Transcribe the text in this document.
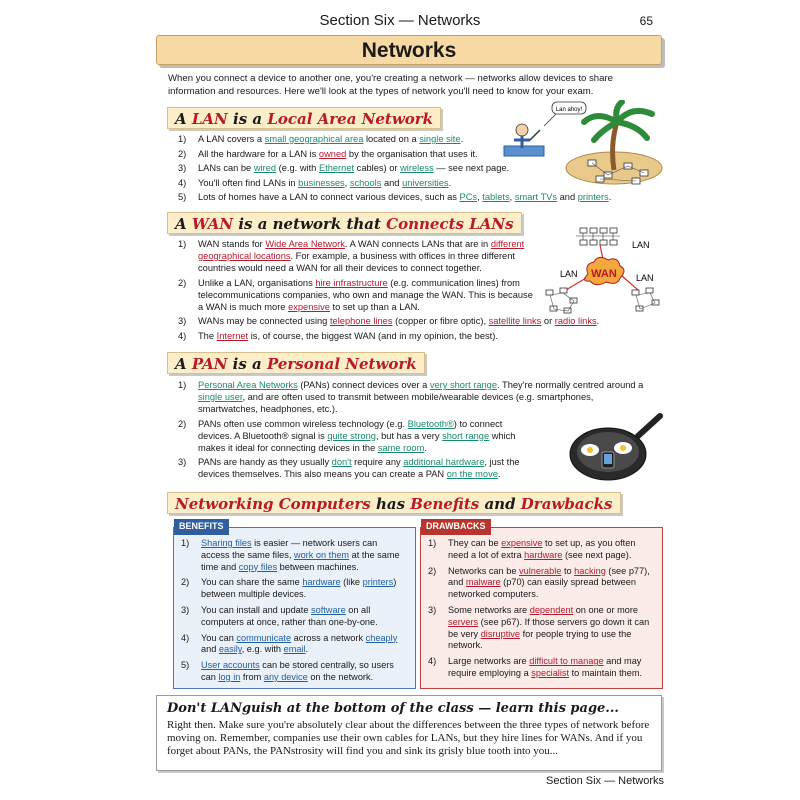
Section Six — Networks	65
Networks

When you connect a device to another one, you're creating a network — networks allow devices to share information and resources. Here we'll look at the types of network you'll need to know for your exam.

A LAN is a Local Area Network
1) A LAN covers a small geographical area located on a single site.
2) All the hardware for a LAN is owned by the organisation that uses it.
3) LANs can be wired (e.g. with Ethernet cables) or wireless — see next page.
4) You'll often find LANs in businesses, schools and universities.
5) Lots of homes have a LAN to connect various devices, such as PCs, tablets, smart TVs and printers.
Lan ahoy!
A WAN is a network that Connects LANs
1) WAN stands for Wide Area Network. A WAN connects LANs that are in different geographical locations. For example, a business with offices in three different countries would need a WAN for all their devices to connect together.
2) Unlike a LAN, organisations hire infrastructure (e.g. communication lines) from telecommunications companies, who own and manage the WAN. This is because a WAN is much more expensive to set up than a LAN.
3) WANs may be connected using telephone lines (copper or fibre optic), satellite links or radio links.
4) The Internet is, of course, the biggest WAN (and in my opinion, the best).
WAN
LAN
LAN	LAN
A PAN is a Personal Network
1) Personal Area Networks (PANs) connect devices over a very short range. They're normally centred around a single user, and are often used to transmit between mobile/wearable devices (e.g. smartphones, smartwatches, headphones, etc.).
2) PANs often use common wireless technology (e.g. Bluetooth®) to connect devices. A Bluetooth® signal is quite strong, but has a very short range which makes it ideal for connecting devices in the same room.
3) PANs are handy as they usually don't require any additional hardware, just the devices themselves. This also means you can create a PAN on the move.
Networking Computers has Benefits and Drawbacks
BENEFITS
1) Sharing files is easier — network users can access the same files, work on them at the same time and copy files between machines.
2) You can share the same hardware (like printers) between multiple devices.
3) You can install and update software on all computers at once, rather than one-by-one.
4) You can communicate across a network cheaply and easily, e.g. with email.
5) User accounts can be stored centrally, so users can log in from any device on the network.
DRAWBACKS
1) They can be expensive to set up, as you often need a lot of extra hardware (see next page).
2) Networks can be vulnerable to hacking (see p77), and malware (p70) can easily spread between networked computers.
3) Some networks are dependent on one or more servers (see p67). If those servers go down it can be very disruptive for people trying to use the network.
4) Large networks are difficult to manage and may require employing a specialist to maintain them.
Don't LANguish at the bottom of the class — learn this page...
Right then. Make sure you're absolutely clear about the differences between the three types of network before moving on. Remember, companies use their own cables for LANs, but they hire lines for WANs. And if you forget about PANs, the PANstrosity will find you and sink its grisly blue tooth into you...
Section Six — Networks
